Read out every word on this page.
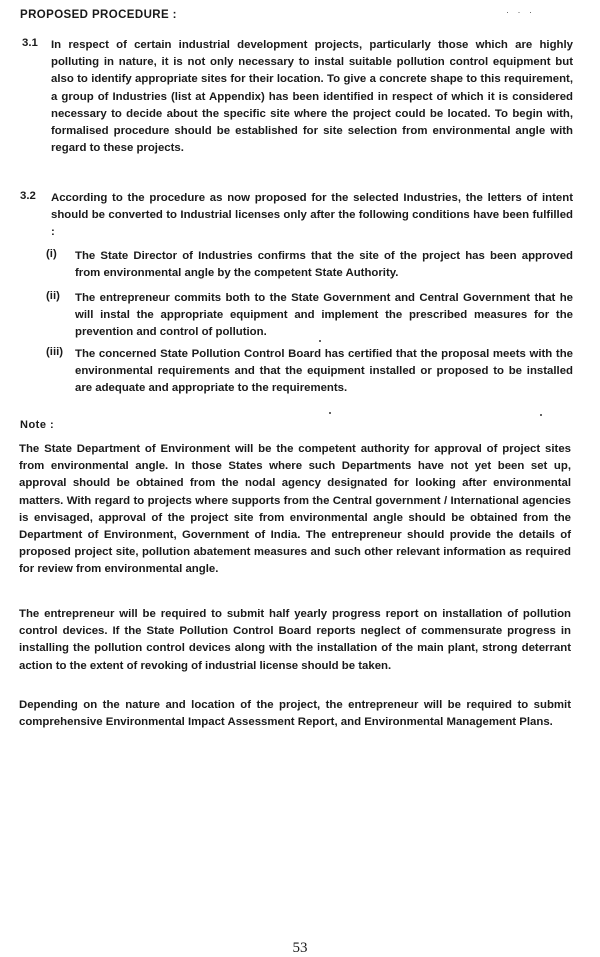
PROPOSED PROCEDURE :	· · ·
3.1 In respect of certain industrial development projects, particularly those which are highly polluting in nature, it is not only necessary to instal suitable pollution control equipment but also to identify appropriate sites for their location. To give a concrete shape to this requirement, a group of Industries (list at Appendix) has been identified in respect of which it is considered necessary to decide about the specific site where the project could be located. To begin with, formalised procedure should be established for site selection from environmental angle with regard to these projects.
3.2 According to the procedure as now proposed for the selected Industries, the letters of intent should be converted to Industrial licenses only after the following conditions have been fulfilled :
(i) The State Director of Industries confirms that the site of the project has been approved from environmental angle by the competent State Authority.
(ii) The entrepreneur commits both to the State Government and Central Government that he will instal the appropriate equipment and implement the prescribed measures for the prevention and control of pollution.
(iii) The concerned State Pollution Control Board has certified that the proposal meets with the environmental requirements and that the equipment installed or proposed to be installed are adequate and appropriate to the requirements.
Note :
The State Department of Environment will be the competent authority for approval of project sites from environmental angle. In those States where such Departments have not yet been set up, approval should be obtained from the nodal agency designated for looking after environmental matters. With regard to projects where supports from the Central government / International agencies is envisaged, approval of the project site from environmental angle should be obtained from the Department of Environment, Government of India. The entrepreneur should provide the details of proposed project site, pollution abatement measures and such other relevant information as required for review from environmental angle.
The entrepreneur will be required to submit half yearly progress report on installation of pollution control devices. If the State Pollution Control Board reports neglect of commensurate progress in installing the pollution control devices along with the installation of the main plant, strong deterrant action to the extent of revoking of industrial license should be taken.
Depending on the nature and location of the project, the entrepreneur will be required to submit comprehensive Environmental Impact Assessment Report, and Environmental Management Plans.
53
